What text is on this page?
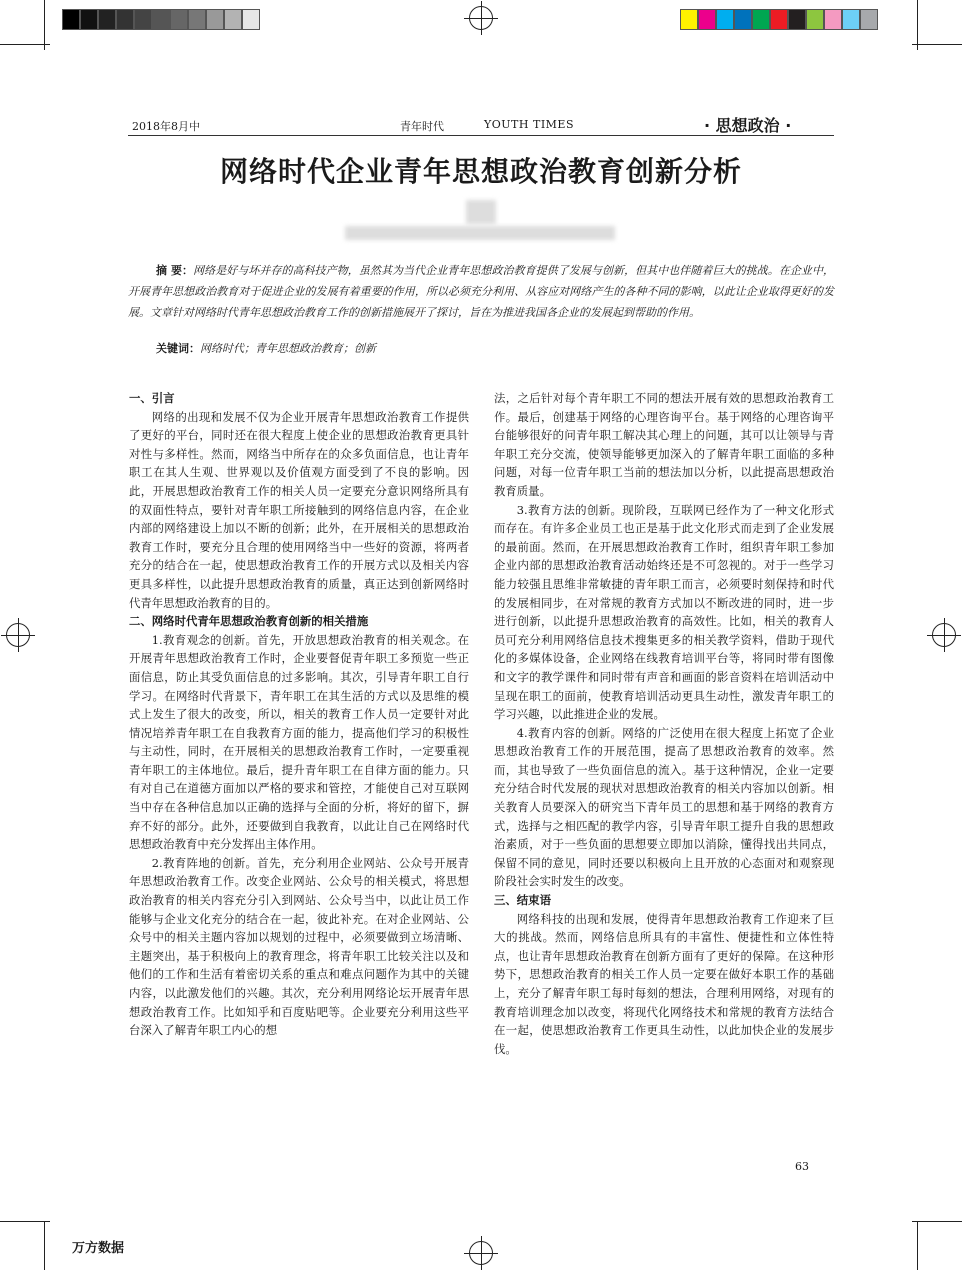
2018年8月中	青年时代	YOUTH TIMES	· 思想政治 ·
网络时代企业青年思想政治教育创新分析
摘 要：网络是好与坏并存的高科技产物，虽然其为当代企业青年思想政治教育提供了发展与创新，但其中也伴随着巨大的挑战。在企业中，开展青年思想政治教育对于促进企业的发展有着重要的作用，所以必须充分利用、从容应对网络产生的各种不同的影响，以此让企业取得更好的发展。文章针对网络时代青年思想政治教育工作的创新措施展开了探讨，旨在为推进我国各企业的发展起到帮助的作用。
关键词：网络时代；青年思想政治教育；创新
一、引言

网络的出现和发展不仅为企业开展青年思想政治教育工作提供了更好的平台，同时还在很大程度上使企业的思想政治教育更具针对性与多样性。然而，网络当中所存在的众多负面信息，也让青年职工在其人生观、世界观以及价值观方面受到了不良的影响。因此，开展思想政治教育工作的相关人员一定要充分意识网络所具有的双面性特点，要针对青年职工所接触到的网络信息内容，在企业内部的网络建设上加以不断的创新；此外，在开展相关的思想政治教育工作时，要充分且合理的使用网络当中一些好的资源，将两者充分的结合在一起，使思想政治教育工作的开展方式以及相关内容更具多样性，以此提升思想政治教育的质量，真正达到创新网络时代青年思想政治教育的目的。

二、网络时代青年思想政治教育创新的相关措施

1.教育观念的创新。首先，开放思想政治教育的相关观念。在开展青年思想政治教育工作时，企业要督促青年职工多预览一些正面信息，防止其受负面信息的过多影响。其次，引导青年职工自行学习。在网络时代背景下，青年职工在其生活的方式以及思维的模式上发生了很大的改变，所以，相关的教育工作人员一定要针对此情况培养青年职工在自我教育方面的能力，提高他们学习的积极性与主动性，同时，在开展相关的思想政治教育工作时，一定要重视青年职工的主体地位。最后，提升青年职工在自律方面的能力。只有对自己在道德方面加以严格的要求和管控，才能使自己对互联网当中存在各种信息加以正确的选择与全面的分析，将好的留下，摒弃不好的部分。此外，还要做到自我教育，以此让自己在网络时代思想政治教育中充分发挥出主体作用。

2.教育阵地的创新。首先，充分利用企业网站、公众号开展青年思想政治教育工作。改变企业网站、公众号的相关模式，将思想政治教育的相关内容充分引入到网站、公众号当中，以此让员工作能够与企业文化充分的结合在一起，彼此补充。在对企业网站、公众号中的相关主题内容加以规划的过程中，必须要做到立场清晰、主题突出，基于积极向上的教育理念，将青年职工比较关注以及和他们的工作和生活有着密切关系的重点和难点问题作为其中的关键内容，以此激发他们的兴趣。其次，充分利用网络论坛开展青年思想政治教育工作。比如知乎和百度贴吧等。企业要充分利用这些平台深入了解青年职工内心的想

法，之后针对每个青年职工不同的想法开展有效的思想政治教育工作。最后，创建基于网络的心理咨询平台。基于网络的心理咨询平台能够很好的问青年职工解决其心理上的问题，其可以让领导与青年职工充分交流，使领导能够更加深入的了解青年职工面临的多种问题，对每一位青年职工当前的想法加以分析，以此提高思想政治教育质量。

3.教育方法的创新。现阶段，互联网已经作为了一种文化形式而存在。有许多企业员工也正是基于此文化形式而走到了企业发展的最前面。然而，在开展思想政治教育工作时，组织青年职工参加企业内部的思想政治教育活动始终还是不可忽视的。对于一些学习能力较强且思维非常敏捷的青年职工而言，必须要时刻保持和时代的发展相同步，在对常规的教育方式加以不断改进的同时，进一步进行创新，以此提升思想政治教育的高效性。比如，相关的教育人员可充分利用网络信息技术搜集更多的相关教学资料，借助于现代化的多媒体设备，企业网络在线教育培训平台等，将同时带有图像和文字的教学课件和同时带有声音和画面的影音资料在培训活动中呈现在职工的面前，使教育培训活动更具生动性，激发青年职工的学习兴趣，以此推进企业的发展。

4.教育内容的创新。网络的广泛使用在很大程度上拓宽了企业思想政治教育工作的开展范围，提高了思想政治教育的效率。然而，其也导致了一些负面信息的流入。基于这种情况，企业一定要充分结合时代发展的现状对思想政治教育的相关内容加以创新。相关教育人员要深入的研究当下青年员工的思想和基于网络的教育方式，选择与之相匹配的教学内容，引导青年职工提升自我的思想政治素质，对于一些负面的思想要立即加以消除，懂得找出共同点，保留不同的意见，同时还要以积极向上且开放的心态面对和观察现阶段社会实时发生的改变。

三、结束语

网络科技的出现和发展，使得青年思想政治教育工作迎来了巨大的挑战。然而，网络信息所具有的丰富性、便捷性和立体性特点，也让青年思想政治教育在创新方面有了更好的保障。在这种形势下，思想政治教育的相关工作人员一定要在做好本职工作的基础上，充分了解青年职工每时每刻的想法，合理利用网络，对现有的教育培训理念加以改变，将现代化网络技术和常规的教育方法结合在一起，使思想政治教育工作更具生动性，以此加快企业的发展步伐。

63
万方数据
